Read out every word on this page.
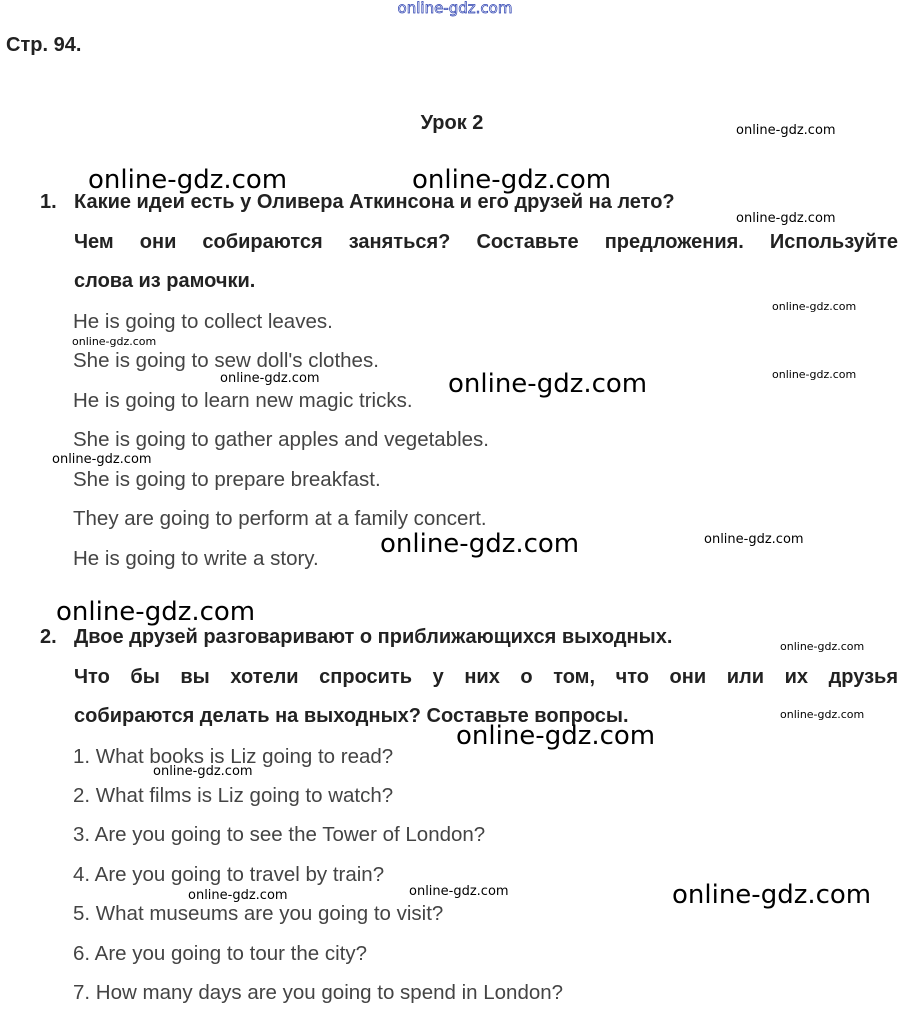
online-gdz.com
Стр. 94.
Урок 2
1. Какие идеи есть у Оливера Аткинсона и его друзей на лето?
Чем они собираются заняться? Составьте предложения. Используйте
слова из рамочки.
He is going to collect leaves.
She is going to sew doll's clothes.
He is going to learn new magic tricks.
She is going to gather apples and vegetables.
She is going to prepare breakfast.
They are going to perform at a family concert.
He is going to write a story.
2. Двое друзей разговаривают о приближающихся выходных.
Что бы вы хотели спросить у них о том, что они или их друзья
собираются делать на выходных? Составьте вопросы.
1. What books is Liz going to read?
2. What films is Liz going to watch?
3. Are you going to see the Tower of London?
4. Are you going to travel by train?
5. What museums are you going to visit?
6. Are you going to tour the city?
7. How many days are you going to spend in London?
online-gdz.com
online-gdz.com	online-gdz.com
online-gdz.com
online-gdz.com
online-gdz.com
online-gdz.com
online-gdz.com	online-gdz.com
online-gdz.com
online-gdz.com	online-gdz.com
online-gdz.com
online-gdz.com
online-gdz.com
online-gdz.com
online-gdz.com
online-gdz.com
online-gdz.com	online-gdz.com
